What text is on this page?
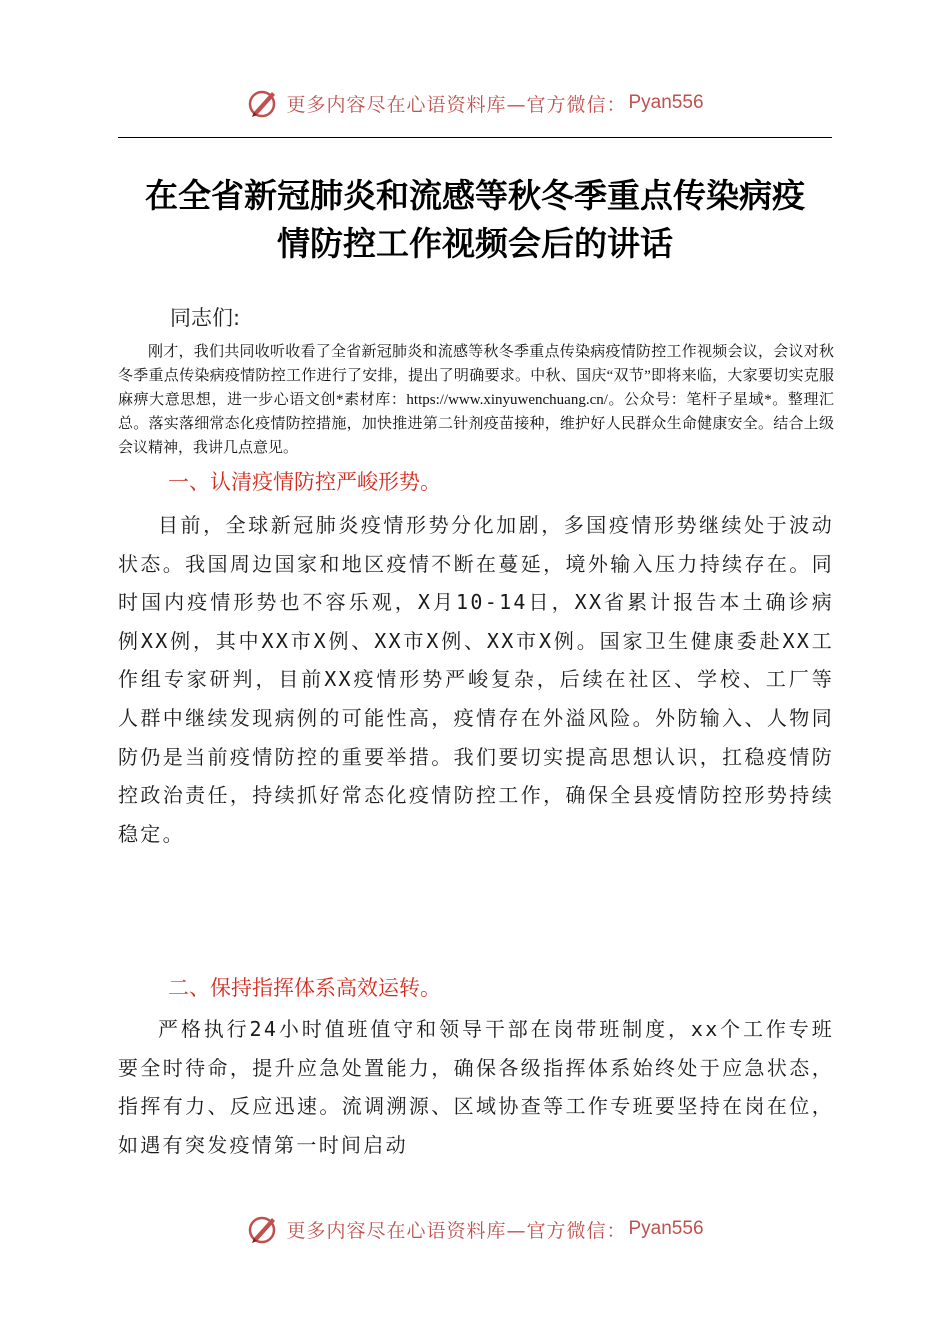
更多内容尽在心语资料库—官方微信： Pyan556
在全省新冠肺炎和流感等秋冬季重点传染病疫
情防控工作视频会后的讲话
同志们:

刚才，我们共同收听收看了全省新冠肺炎和流感等秋冬季重点传染病疫情防控工作视频会议，会议对秋冬季重点传染病疫情防控工作进行了安排，提出了明确要求。中秋、国庆“双节”即将来临，大家要切实克服麻痹大意思想，进一步心语文创*素材库：https://www.xinyuwenchuang.cn/。公众号：笔杆子星域*。整理汇总。落实落细常态化疫情防控措施，加快推进第二针剂疫苗接种，维护好人民群众生命健康安全。结合上级会议精神，我讲几点意见。

一、认清疫情防控严峻形势。

目前，全球新冠肺炎疫情形势分化加剧，多国疫情形势继续处于波动状态。我国周边国家和地区疫情不断在蔓延，境外输入压力持续存在。同时国内疫情形势也不容乐观，X月10-14日，XX省累计报告本土确诊病例XX例，其中XX市X例、XX市X例、XX市X例。国家卫生健康委赴XX工作组专家研判，目前XX疫情形势严峻复杂，后续在社区、学校、工厂等人群中继续发现病例的可能性高，疫情存在外溢风险。外防输入、人物同防仍是当前疫情防控的重要举措。我们要切实提高思想认识，扛稳疫情防控政治责任，持续抓好常态化疫情防控工作，确保全县疫情防控形势持续稳定。

二、保持指挥体系高效运转。

严格执行24小时值班值守和领导干部在岗带班制度，xx个工作专班要全时待命，提升应急处置能力，确保各级指挥体系始终处于应急状态，指挥有力、反应迅速。流调溯源、区域协查等工作专班要坚持在岗在位，如遇有突发疫情第一时间启动

更多内容尽在心语资料库—官方微信： Pyan556
